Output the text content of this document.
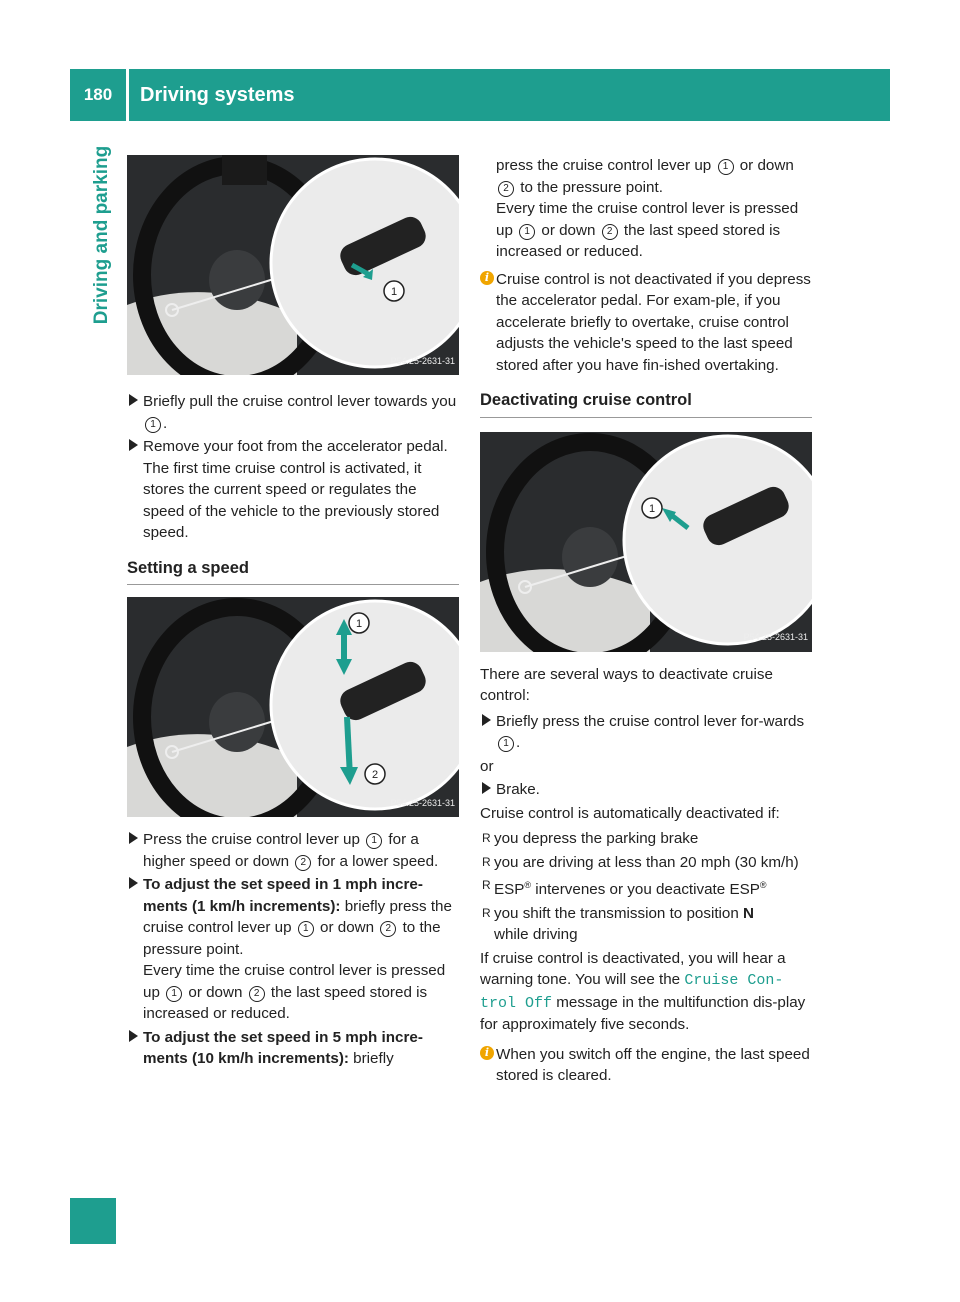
180	Driving systems
Driving and parking	1
P54.25-2631-31
Briefly pull the cruise control lever towards you 1 .

Remove your foot from the accelerator pedal.

The first time cruise control is activated, it stores the current speed or regulates the speed of the vehicle to the previously stored speed.

Setting a speed
1
2
P54.25-2631-31
Press the cruise control lever up 1 for a higher speed or down 2 for a lower speed.
To adjust the set speed in 1 mph incre-ments (1 km/h increments): briefly press the cruise control lever up 1 or down 2 to the pressure point.
Every time the cruise control lever is pressed up 1 or down 2 the last speed stored is increased or reduced.
To adjust the set speed in 5 mph incre-ments (10 km/h increments): briefly
press the cruise control lever up 1 or down 2 to the pressure point.
Every time the cruise control lever is pressed up 1 or down 2 the last speed stored is increased or reduced.
i Cruise control is not deactivated if you depress the accelerator pedal. For exam-ple, if you accelerate briefly to overtake, cruise control adjusts the vehicle's speed to the last speed stored after you have fin-ished overtaking.
Deactivating cruise control
1
P54.25-2631-31

There are several ways to deactivate cruise control:

Briefly press the cruise control lever for-wards 1 .

or

Brake.

Cruise control is automatically deactivated if:

R you depress the parking brake
R you are driving at less than 20 mph (30 km/h)
R ESP® intervenes or you deactivate ESP®
R you shift the transmission to position N
while driving

If cruise control is deactivated, you will hear a warning tone. You will see the Cruise Con‐ trol Off message in the multifunction dis-play for approximately five seconds.

i When you switch off the engine, the last speed stored is cleared.
